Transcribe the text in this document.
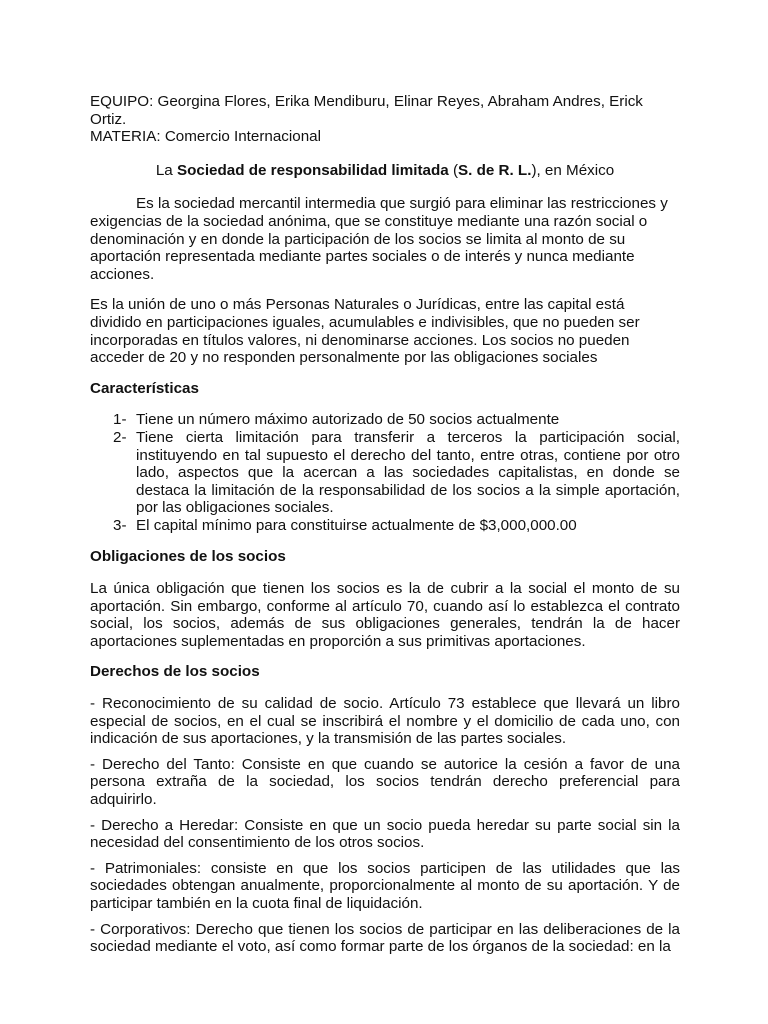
EQUIPO: Georgina Flores, Erika Mendiburu, Elinar Reyes, Abraham Andres, Erick

Ortiz.

MATERIA: Comercio Internacional

La Sociedad de responsabilidad limitada (S. de R. L.), en México

Es la sociedad mercantil intermedia que surgió para eliminar las restricciones y exigencias de la sociedad anónima, que se constituye mediante una razón social o denominación y en donde la participación de los socios se limita al monto de su aportación representada mediante partes sociales o de interés y nunca mediante acciones.

Es la unión de uno o más Personas Naturales o Jurídicas, entre las capital está dividido en participaciones iguales, acumulables e indivisibles, que no pueden ser incorporadas en títulos valores, ni denominarse acciones. Los socios no pueden acceder de 20 y no responden personalmente por las obligaciones sociales

Características

1- Tiene un número máximo autorizado de 50 socios actualmente
2- Tiene cierta limitación para transferir a terceros la participación social, instituyendo en tal supuesto el derecho del tanto, entre otras, contiene por otro lado, aspectos que la acercan a las sociedades capitalistas, en donde se destaca la limitación de la responsabilidad de los socios a la simple aportación, por las obligaciones sociales.
3- El capital mínimo para constituirse actualmente de $3,000,000.00

Obligaciones de los socios

La única obligación que tienen los socios es la de cubrir a la social el monto de su aportación. Sin embargo, conforme al artículo 70, cuando así lo establezca el contrato social, los socios, además de sus obligaciones generales, tendrán la de hacer aportaciones suplementadas en proporción a sus primitivas aportaciones.

Derechos de los socios

- Reconocimiento de su calidad de socio. Artículo 73 establece que llevará un libro especial de socios, en el cual se inscribirá el nombre y el domicilio de cada uno, con indicación de sus aportaciones, y la transmisión de las partes sociales.

- Derecho del Tanto: Consiste en que cuando se autorice la cesión a favor de una persona extraña de la sociedad, los socios tendrán derecho preferencial para adquirirlo.

- Derecho a Heredar: Consiste en que un socio pueda heredar su parte social sin la necesidad del consentimiento de los otros socios.

- Patrimoniales: consiste en que los socios participen de las utilidades que las sociedades obtengan anualmente, proporcionalmente al monto de su aportación. Y de participar también en la cuota final de liquidación.

- Corporativos: Derecho que tienen los socios de participar en las deliberaciones de la sociedad mediante el voto, así como formar parte de los órganos de la sociedad: en la
